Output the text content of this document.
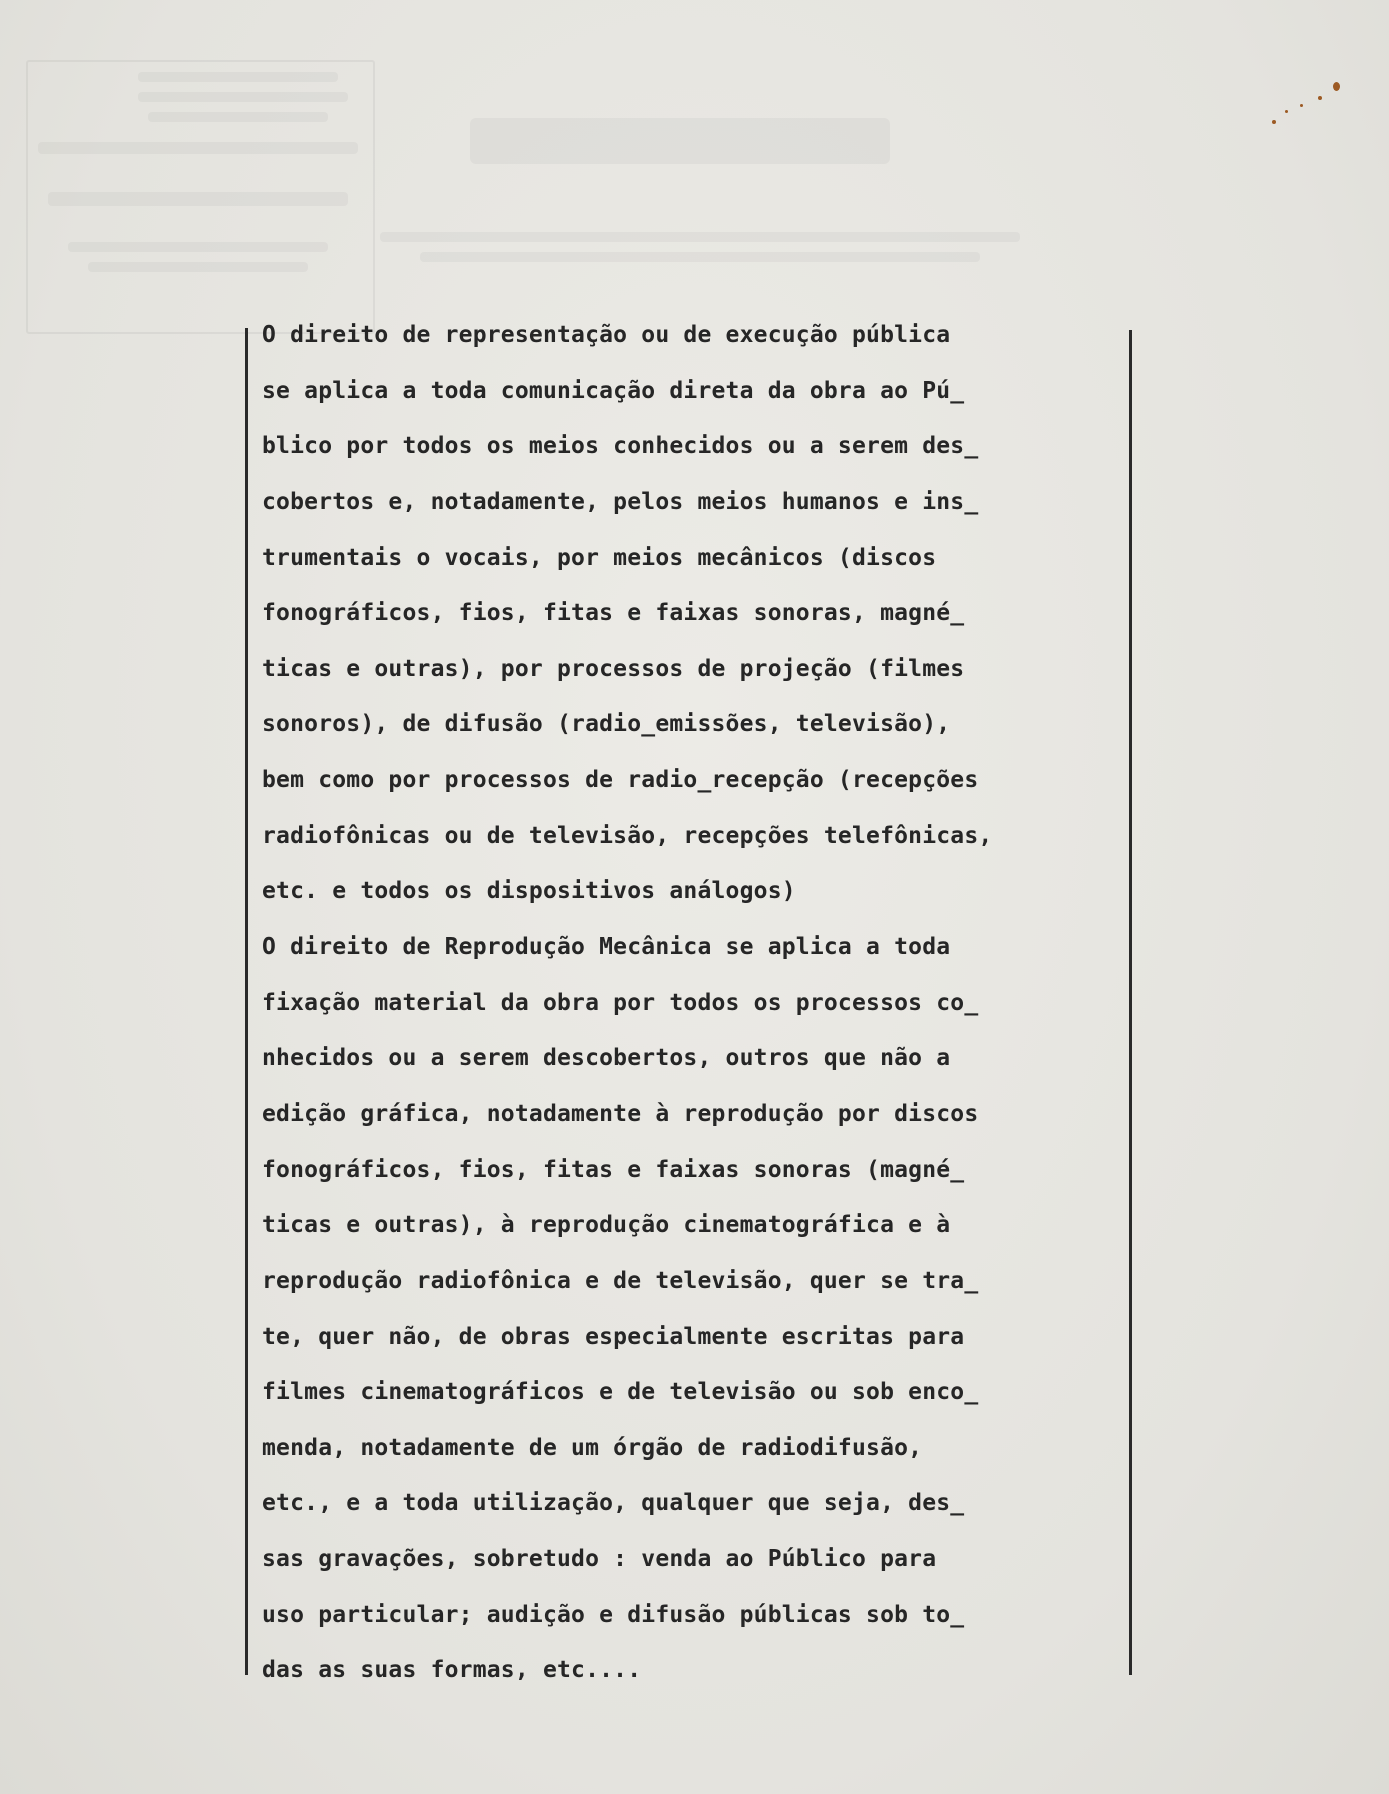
O direito de representação ou de execução pública
se aplica a toda comunicação direta da obra ao Pú_
blico por todos os meios conhecidos ou a serem des_
cobertos e, notadamente, pelos meios humanos e ins_
trumentais o vocais, por meios mecânicos (discos
fonográficos, fios, fitas e faixas sonoras, magné_
ticas e outras), por processos de projeção (filmes
sonoros), de difusão (radio_emissões, televisão),
bem como por processos de radio_recepção (recepções
radiofônicas ou de televisão, recepções telefônicas,
etc. e todos os dispositivos análogos)
O direito de Reprodução Mecânica se aplica a toda
fixação material da obra por todos os processos co_
nhecidos ou a serem descobertos, outros que não a
edição gráfica, notadamente à reprodução por discos
fonográficos, fios, fitas e faixas sonoras (magné_
ticas e outras), à reprodução cinematográfica e à
reprodução radiofônica e de televisão, quer se tra_
te, quer não, de obras especialmente escritas para
filmes cinematográficos e de televisão ou sob enco_
menda, notadamente de um órgão de radiodifusão,
etc., e a toda utilização, qualquer que seja, des_
sas gravações, sobretudo : venda ao Público para
uso particular; audição e difusão públicas sob to_
das as suas formas, etc....
